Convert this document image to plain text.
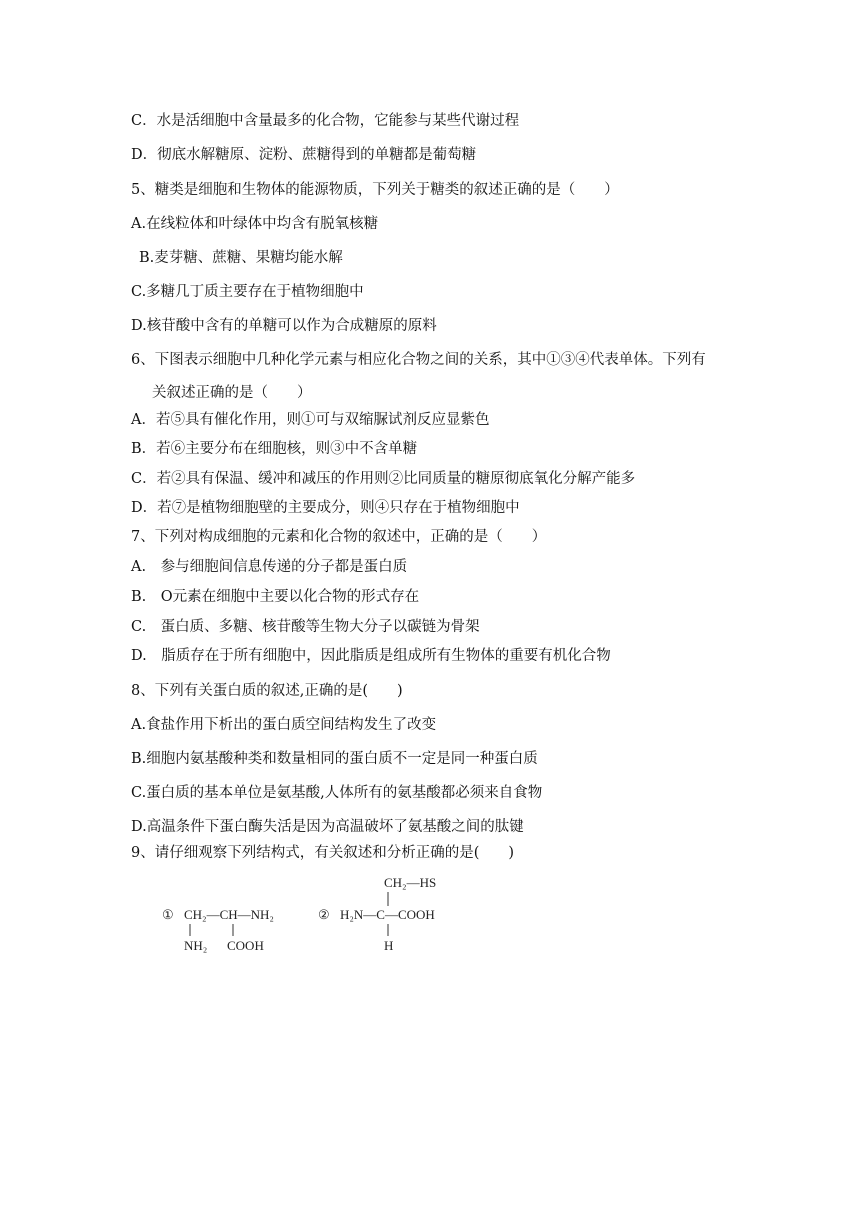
C．水是活细胞中含量最多的化合物，它能参与某些代谢过程
D．彻底水解糖原、淀粉、蔗糖得到的单糖都是葡萄糖
5、糖类是细胞和生物体的能源物质，下列关于糖类的叙述正确的是（　　）
A.在线粒体和叶绿体中均含有脱氧核糖
B.麦芽糖、蔗糖、果糖均能水解
C.多糖几丁质主要存在于植物细胞中
D.核苷酸中含有的单糖可以作为合成糖原的原料
6、下图表示细胞中几种化学元素与相应化合物之间的关系，其中①③④代表单体。下列有
关叙述正确的是（　　）
A．若⑤具有催化作用，则①可与双缩脲试剂反应显紫色
B．若⑥主要分布在细胞核，则③中不含单糖
C．若②具有保温、缓冲和减压的作用则②比同质量的糖原彻底氧化分解产能多
D．若⑦是植物细胞壁的主要成分，则④只存在于植物细胞中
7、下列对构成细胞的元素和化合物的叙述中，正确的是（　　）
A.　参与细胞间信息传递的分子都是蛋白质
B.　O元素在细胞中主要以化合物的形式存在
C.　蛋白质、多糖、核苷酸等生物大分子以碳链为骨架
D.　脂质存在于所有细胞中，因此脂质是组成所有生物体的重要有机化合物
8、下列有关蛋白质的叙述,正确的是(　　)
A.食盐作用下析出的蛋白质空间结构发生了改变
B.细胞内氨基酸种类和数量相同的蛋白质不一定是同一种蛋白质
C.蛋白质的基本单位是氨基酸,人体所有的氨基酸都必须来自食物
D.高温条件下蛋白酶失活是因为高温破坏了氨基酸之间的肽键
9、请仔细观察下列结构式，有关叙述和分析正确的是(　　)
① CH₂—CH—NH₂
NH₂ COOH
②
CH₂—HS
H₂N—C—COOH
H
